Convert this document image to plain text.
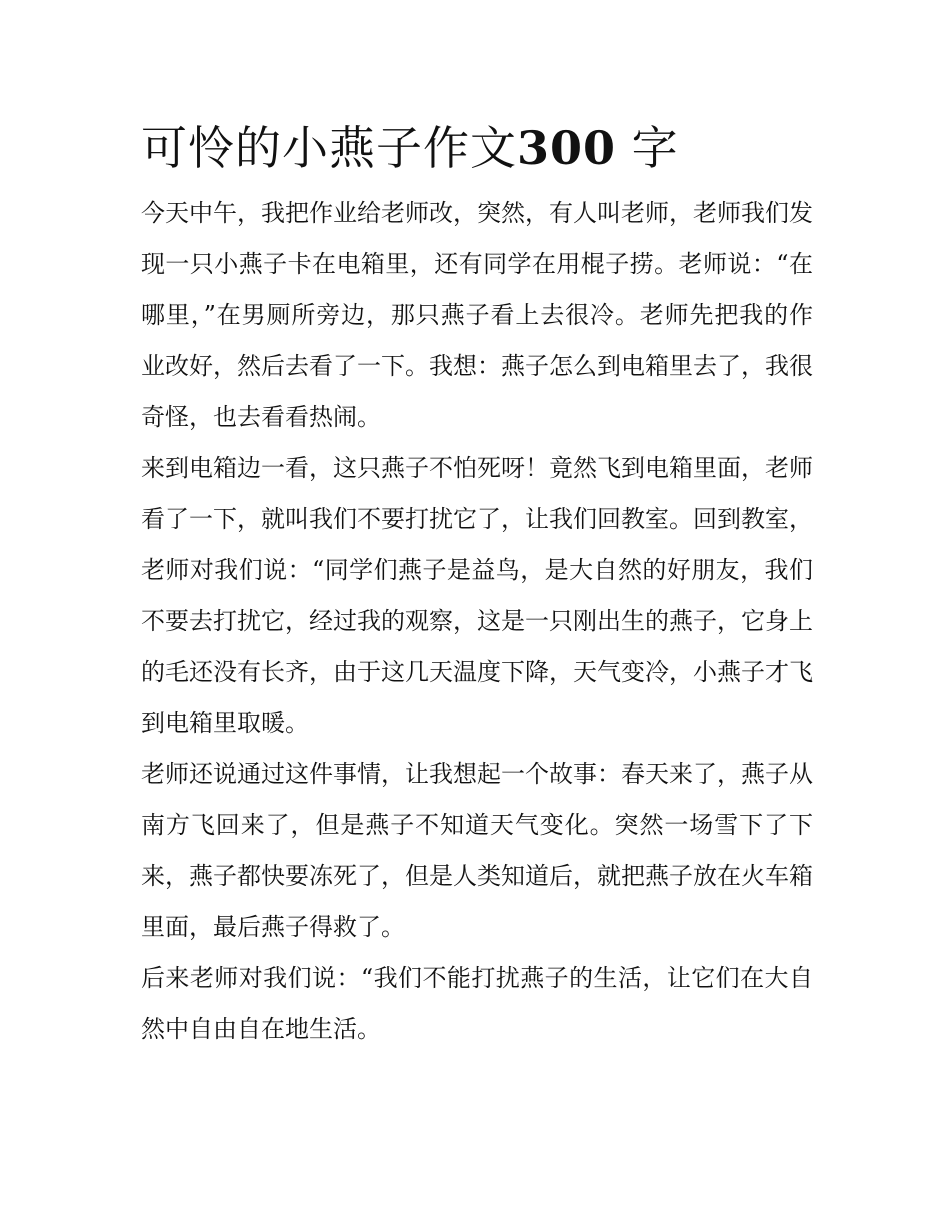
可怜的小燕子作文300 字

今天中午，我把作业给老师改，突然，有人叫老师，老师我们发现一只小燕子卡在电箱里，还有同学在用棍子捞。老师说：“在哪里，”在男厕所旁边，那只燕子看上去很冷。老师先把我的作业改好，然后去看了一下。我想：燕子怎么到电箱里去了，我很奇怪，也去看看热闹。

来到电箱边一看，这只燕子不怕死呀！竟然飞到电箱里面，老师看了一下，就叫我们不要打扰它了，让我们回教室。回到教室，老师对我们说：“同学们燕子是益鸟，是大自然的好朋友，我们不要去打扰它，经过我的观察，这是一只刚出生的燕子，它身上的毛还没有长齐，由于这几天温度下降，天气变冷，小燕子才飞到电箱里取暖。

老师还说通过这件事情，让我想起一个故事：春天来了，燕子从南方飞回来了，但是燕子不知道天气变化。突然一场雪下了下来，燕子都快要冻死了，但是人类知道后，就把燕子放在火车箱里面，最后燕子得救了。

后来老师对我们说：“我们不能打扰燕子的生活，让它们在大自然中自由自在地生活。
